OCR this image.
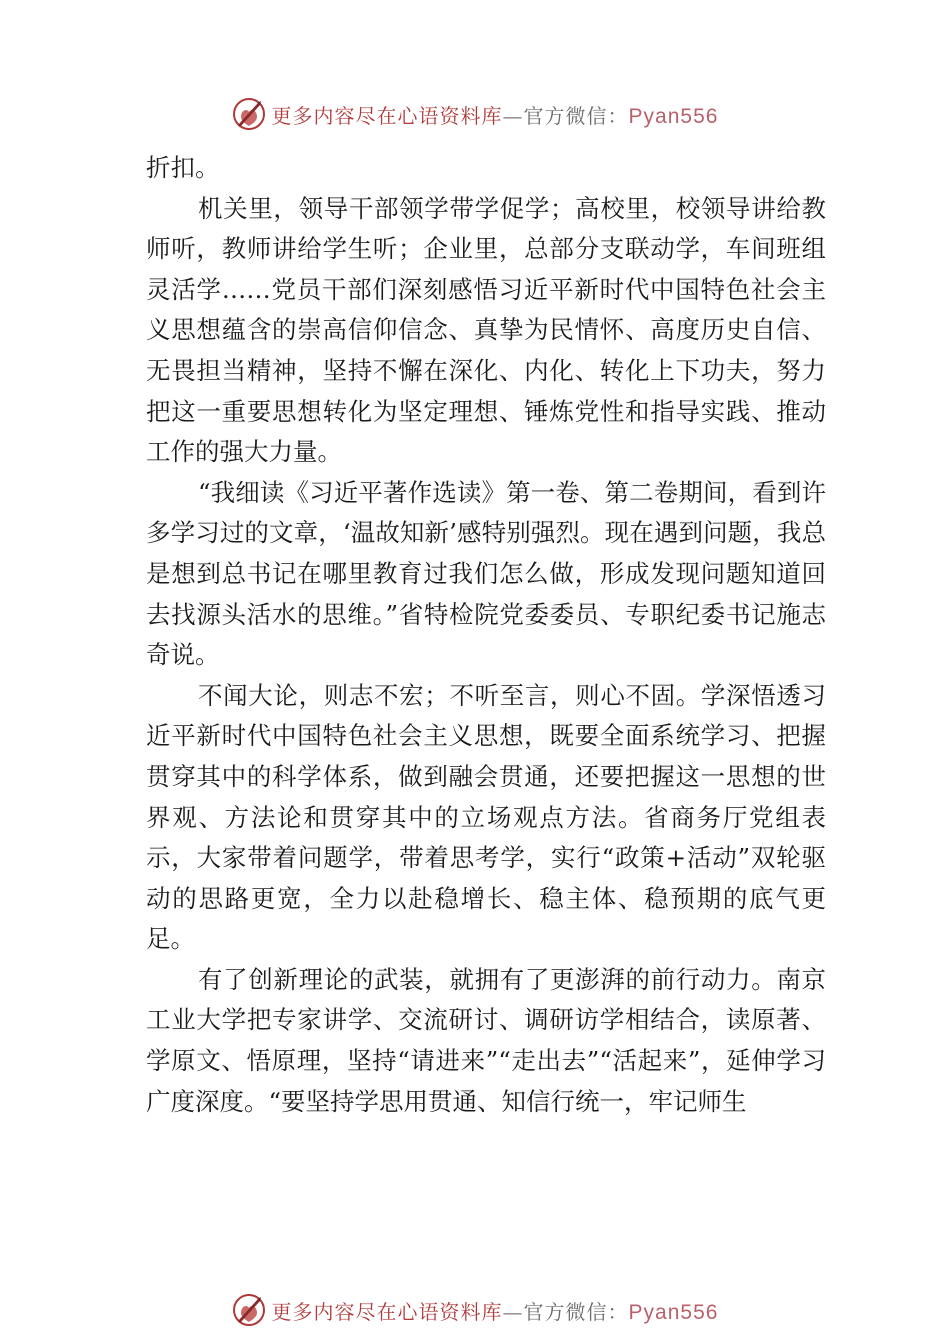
更多内容尽在心语资料库—官方微信：Pyan556

折扣。

机关里，领导干部领学带学促学；高校里，校领导讲给教师听，教师讲给学生听；企业里，总部分支联动学，车间班组灵活学……党员干部们深刻感悟习近平新时代中国特色社会主义思想蕴含的崇高信仰信念、真挚为民情怀、高度历史自信、无畏担当精神，坚持不懈在深化、内化、转化上下功夫，努力把这一重要思想转化为坚定理想、锤炼党性和指导实践、推动工作的强大力量。

“我细读《习近平著作选读》第一卷、第二卷期间，看到许多学习过的文章，‘温故知新’感特别强烈。现在遇到问题，我总是想到总书记在哪里教育过我们怎么做，形成发现问题知道回去找源头活水的思维。”省特检院党委委员、专职纪委书记施志奇说。

不闻大论，则志不宏；不听至言，则心不固。学深悟透习近平新时代中国特色社会主义思想，既要全面系统学习、把握贯穿其中的科学体系，做到融会贯通，还要把握这一思想的世界观、方法论和贯穿其中的立场观点方法。省商务厅党组表示，大家带着问题学，带着思考学，实行“政策+活动”双轮驱动的思路更宽，全力以赴稳增长、稳主体、稳预期的底气更足。

有了创新理论的武装，就拥有了更澎湃的前行动力。南京工业大学把专家讲学、交流研讨、调研访学相结合，读原著、学原文、悟原理，坚持“请进来”“走出去”“活起来”，延伸学习广度深度。“要坚持学思用贯通、知信行统一，牢记师生

更多内容尽在心语资料库—官方微信：Pyan556
